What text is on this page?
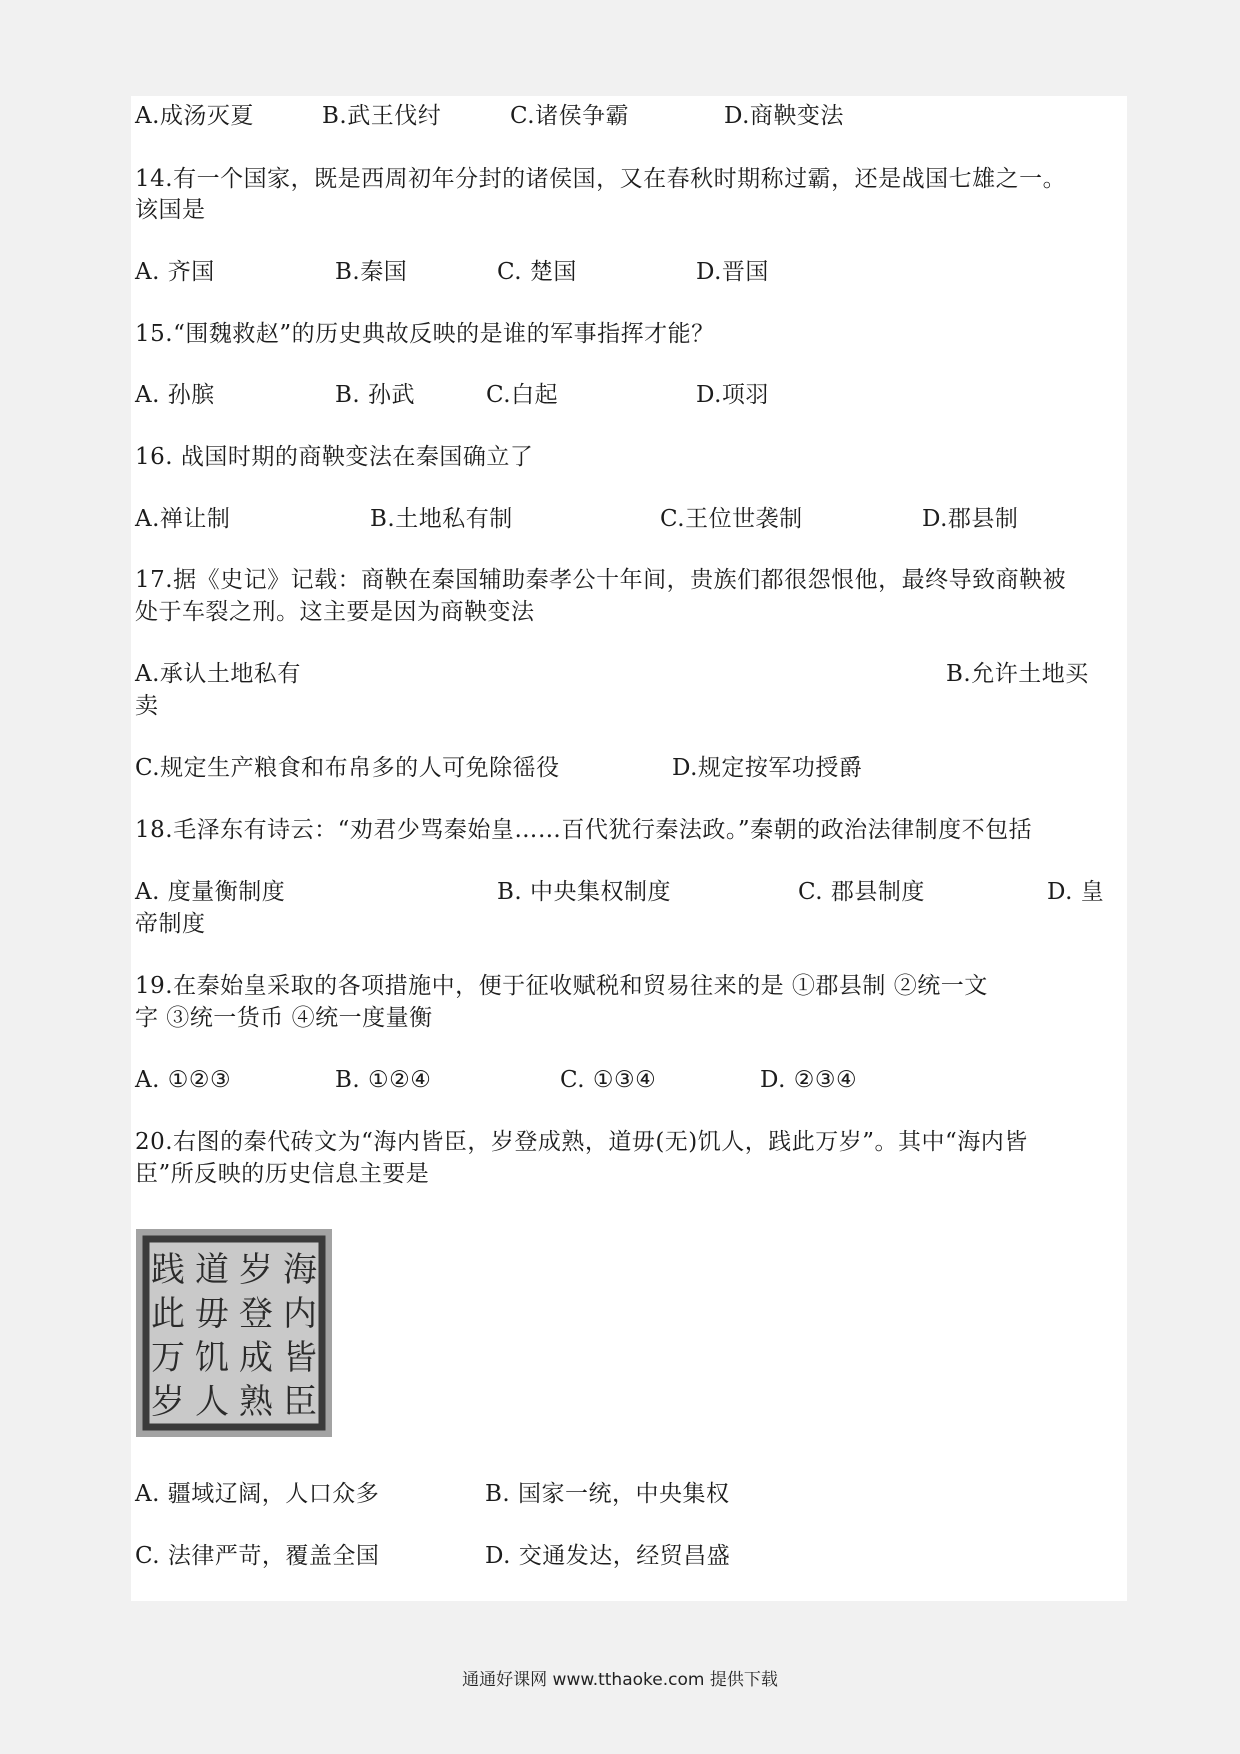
A.成汤灭夏	B.武王伐纣	C.诸侯争霸	D.商鞅变法
14.有一个国家，既是西周初年分封的诸侯国，又在春秋时期称过霸，还是战国七雄之一。
该国是
A. 齐国	B.秦国	C. 楚国	D.晋国
15.“围魏救赵”的历史典故反映的是谁的军事指挥才能？
A. 孙膑	B. 孙武	C.白起	D.项羽
16. 战国时期的商鞅变法在秦国确立了
A.禅让制	B.土地私有制	C.王位世袭制	D.郡县制
17.据《史记》记载：商鞅在秦国辅助秦孝公十年间，贵族们都很怨恨他，最终导致商鞅被
处于车裂之刑。这主要是因为商鞅变法
A.承认土地私有	B.允许土地买
卖
C.规定生产粮食和布帛多的人可免除徭役	D.规定按军功授爵
18.毛泽东有诗云：“劝君少骂秦始皇……百代犹行秦法政。”秦朝的政治法律制度不包括
A. 度量衡制度	B. 中央集权制度	C. 郡县制度	D. 皇
帝制度
19.在秦始皇采取的各项措施中，便于征收赋税和贸易往来的是 ①郡县制 ②统一文
字 ③统一货币 ④统一度量衡
A. ①②③	B. ①②④	C. ①③④	D. ②③④
20.右图的秦代砖文为“海内皆臣，岁登成熟，道毋(无)饥人，践此万岁”。其中“海内皆
臣”所反映的历史信息主要是
海
内
皆
臣
岁
登
成
熟
道
毋
饥
人
践
此
万
岁
A. 疆域辽阔，人口众多	B. 国家一统，中央集权
C. 法律严苛，覆盖全国	D. 交通发达，经贸昌盛
通通好课网 www.tthaoke.com 提供下载
